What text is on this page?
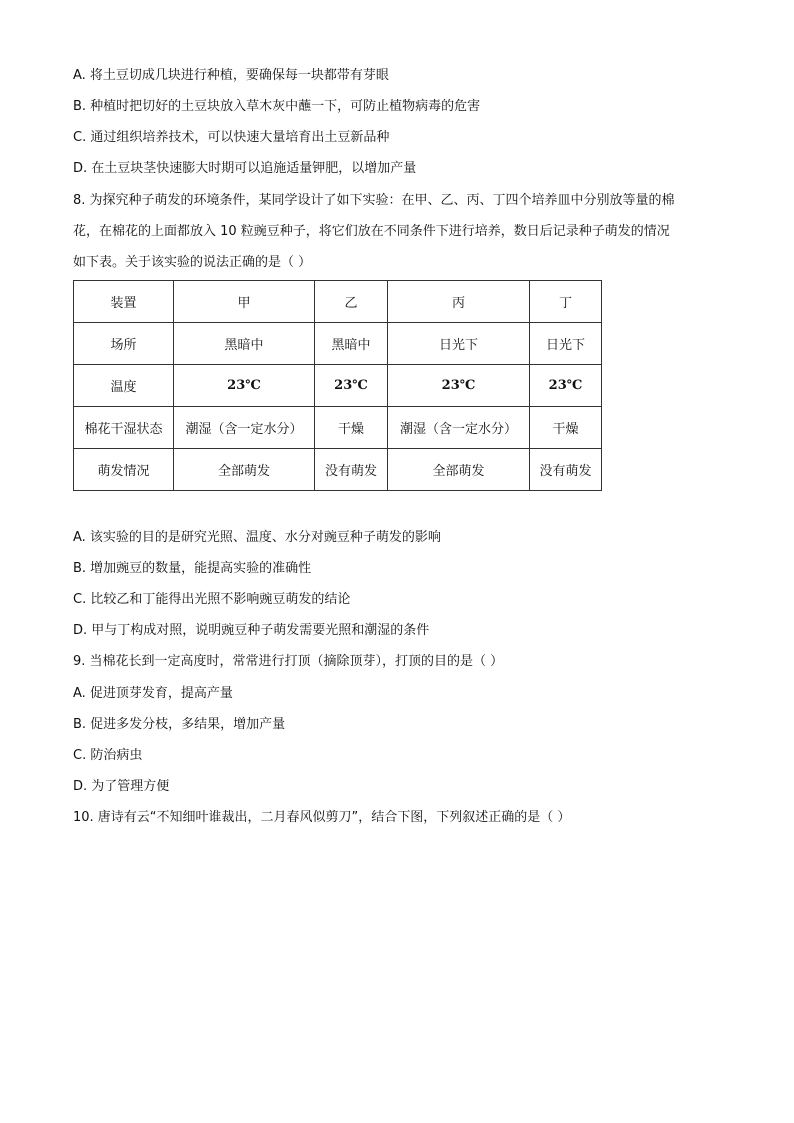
A. 将土豆切成几块进行种植，要确保每一块都带有芽眼
B. 种植时把切好的土豆块放入草木灰中蘸一下，可防止植物病毒的危害
C. 通过组织培养技术，可以快速大量培育出土豆新品种
D. 在土豆块茎快速膨大时期可以追施适量钾肥，以增加产量
8. 为探究种子萌发的环境条件，某同学设计了如下实验：在甲、乙、丙、丁四个培养皿中分别放等量的棉
花，在棉花的上面都放入 10 粒豌豆种子，将它们放在不同条件下进行培养，数日后记录种子萌发的情况
如下表。关于该实验的说法正确的是（ ）
装置	甲	乙	丙	丁
场所	黑暗中	黑暗中	日光下	日光下
温度	23℃	23℃	23℃	23℃
棉花干湿状态	潮湿（含一定水分）	干燥	潮湿（含一定水分）	干燥
萌发情况	全部萌发	没有萌发	全部萌发	没有萌发
A. 该实验的目的是研究光照、温度、水分对豌豆种子萌发的影响
B. 增加豌豆的数量，能提高实验的准确性
C. 比较乙和丁能得出光照不影响豌豆萌发的结论
D. 甲与丁构成对照，说明豌豆种子萌发需要光照和潮湿的条件
9. 当棉花长到一定高度时，常常进行打顶（摘除顶芽），打顶的目的是（ ）
A. 促进顶芽发育，提高产量
B. 促进多发分枝，多结果，增加产量
C. 防治病虫
D. 为了管理方便
10. 唐诗有云“不知细叶谁裁出，二月春风似剪刀”，结合下图，下列叙述正确的是（ ）
